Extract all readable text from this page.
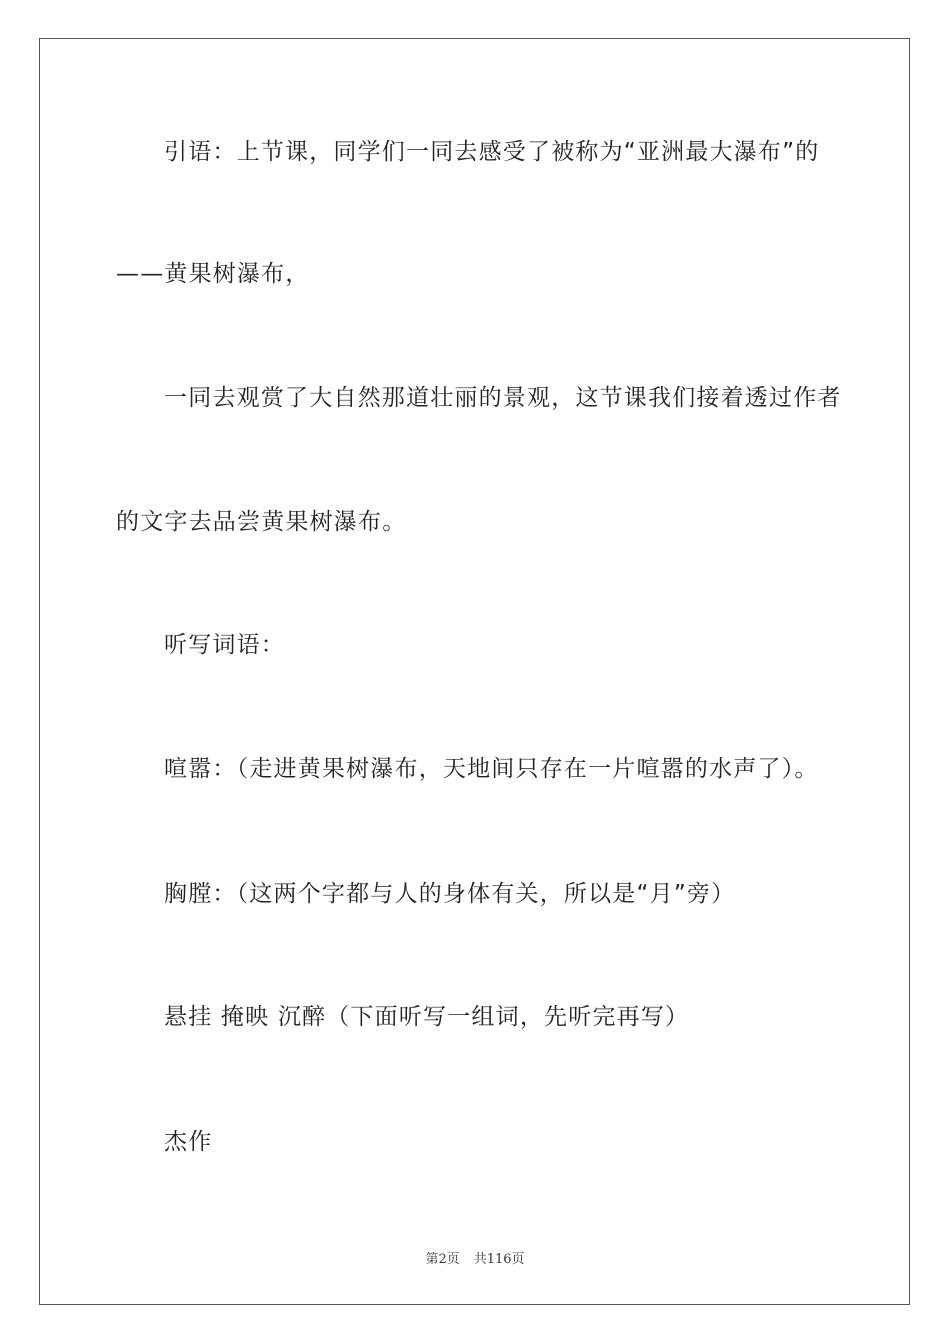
引语：上节课，同学们一同去感受了被称为“亚洲最大瀑布”的
——黄果树瀑布，
一同去观赏了大自然那道壮丽的景观，这节课我们接着透过作者
的文字去品尝黄果树瀑布。
听写词语：
喧嚣：（走进黄果树瀑布，天地间只存在一片喧嚣的水声了）。
胸膛：（这两个字都与人的身体有关，所以是“月”旁）
悬挂 掩映 沉醉（下面听写一组词，先听完再写）
杰作
第2页 共116页
